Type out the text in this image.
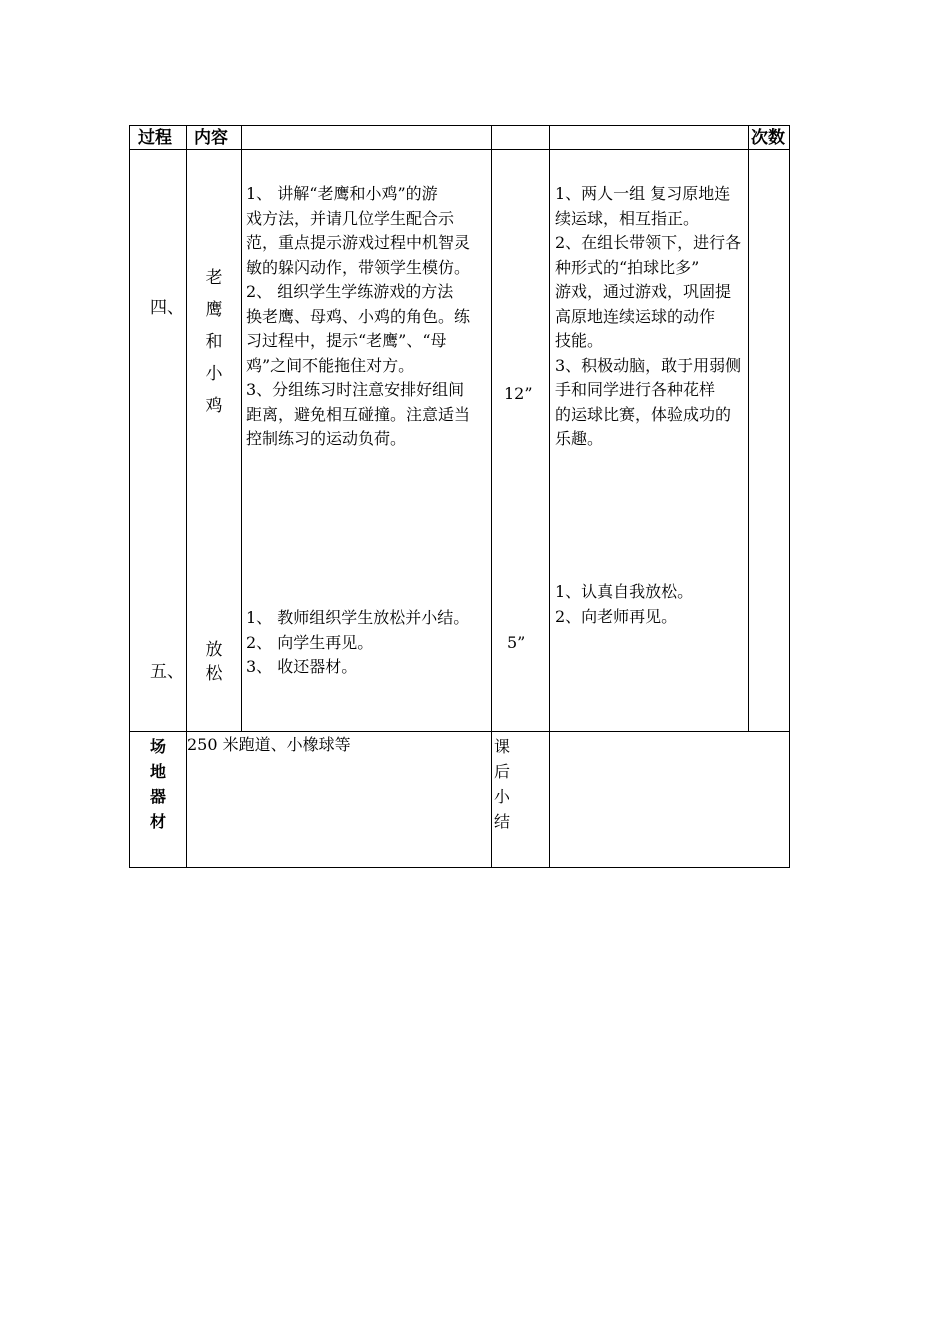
过程 内容	次数
四、
老
鹰
和
小
鸡
1、 讲解“老鹰和小鸡”的游
戏方法，并请几位学生配合示
范，重点提示游戏过程中机智灵
敏的躲闪动作，带领学生模仿。
2、 组织学生学练游戏的方法
换老鹰、母鸡、小鸡的角色。练
习过程中，提示“老鹰”、“母
鸡”之间不能拖住对方。
3、分组练习时注意安排好组间
距离，避免相互碰撞。注意适当
控制练习的运动负荷。
12”
1、两人一组 复习原地连
续运球，相互指正。
2、在组长带领下，进行各
种形式的“拍球比多”
游戏，通过游戏，巩固提
高原地连续运球的动作
技能。
3、积极动脑，敢于用弱侧
手和同学进行各种花样
的运球比赛，体验成功的
乐趣。
五、
放
松
1、 教师组织学生放松并小结。
2、 向学生再见。
3、 收还器材。
5”
1、认真自我放松。
2、向老师再见。
场
地
器
材
250 米跑道、小橡球等	课
后
小
结
